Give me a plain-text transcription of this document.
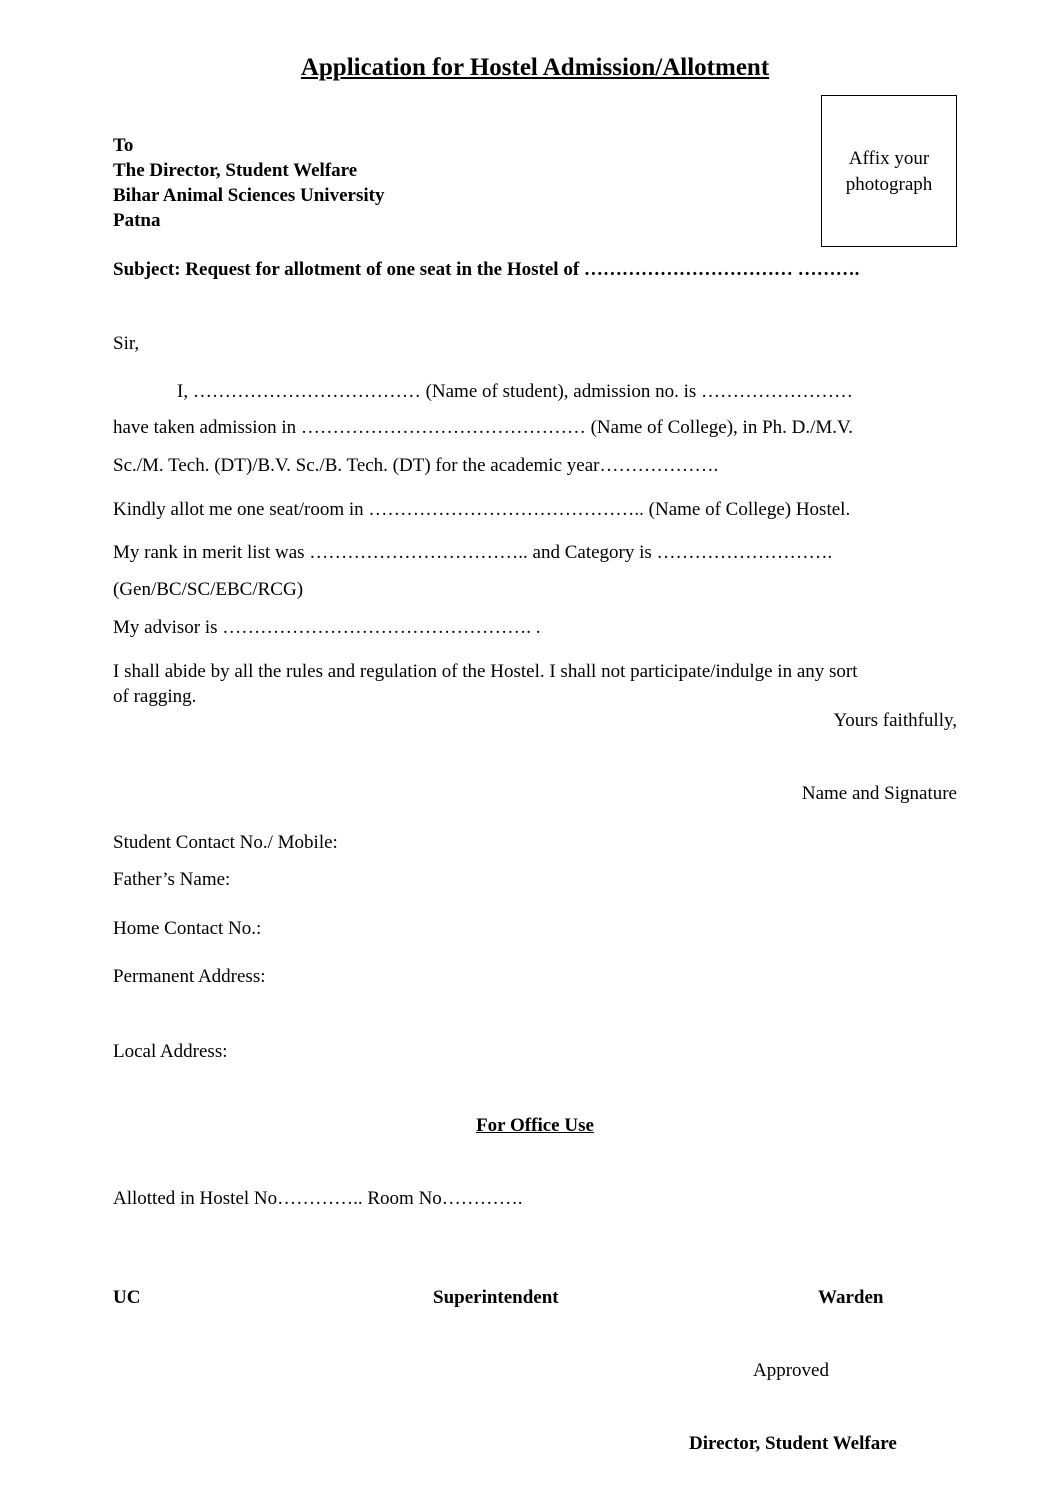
Application for Hostel Admission/Allotment
Affix your
photograph
To
The Director, Student Welfare
Bihar Animal Sciences University
Patna
Subject: Request for allotment of one seat in the Hostel of …………………………… ……….
Sir,
I, ……………………………… (Name of student), admission no. is ……………………
have taken admission in ……………………………………… (Name of College), in Ph. D./M.V.
Sc./M. Tech. (DT)/B.V. Sc./B. Tech. (DT) for the academic year……………….
Kindly allot me one seat/room in …………………………………….. (Name of College) Hostel.
My rank in merit list was …………………………….. and Category is ……………………….
(Gen/BC/SC/EBC/RCG)
My advisor is …………………………………………. .
I shall abide by all the rules and regulation of the Hostel. I shall not participate/indulge in any sort
of ragging.
Yours faithfully,
Name and Signature
Student Contact No./ Mobile:
Father’s Name:
Home Contact No.:
Permanent Address:
Local Address:
For Office Use
Allotted in Hostel No………….. Room No………….
UC	Superintendent	Warden
Approved
Director, Student Welfare
